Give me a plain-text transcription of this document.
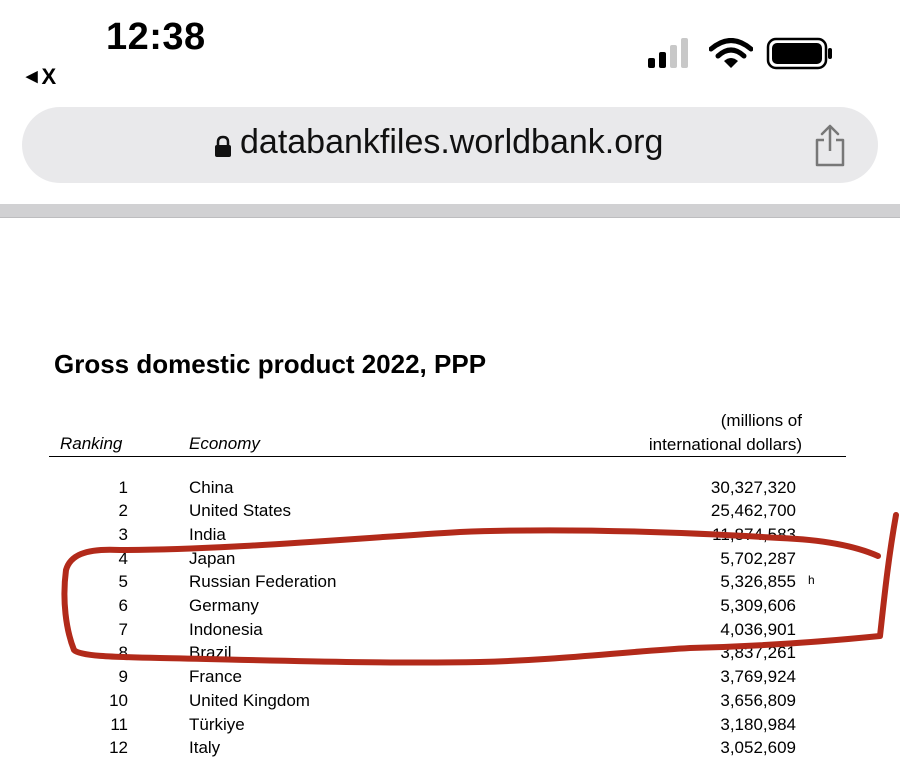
12:38
◀ X
databankfiles.worldbank.org
Gross domestic product 2022, PPP
Ranking	Economy
(millions of
international dollars)
1	China	30,327,320
2	United States	25,462,700
3	India	11,874,583
4	Japan	5,702,287
5	Russian Federation	5,326,855 h
6	Germany	5,309,606
7	Indonesia	4,036,901
8	Brazil	3,837,261
9	France	3,769,924
10	United Kingdom	3,656,809
11	Türkiye	3,180,984
12	Italy	3,052,609
